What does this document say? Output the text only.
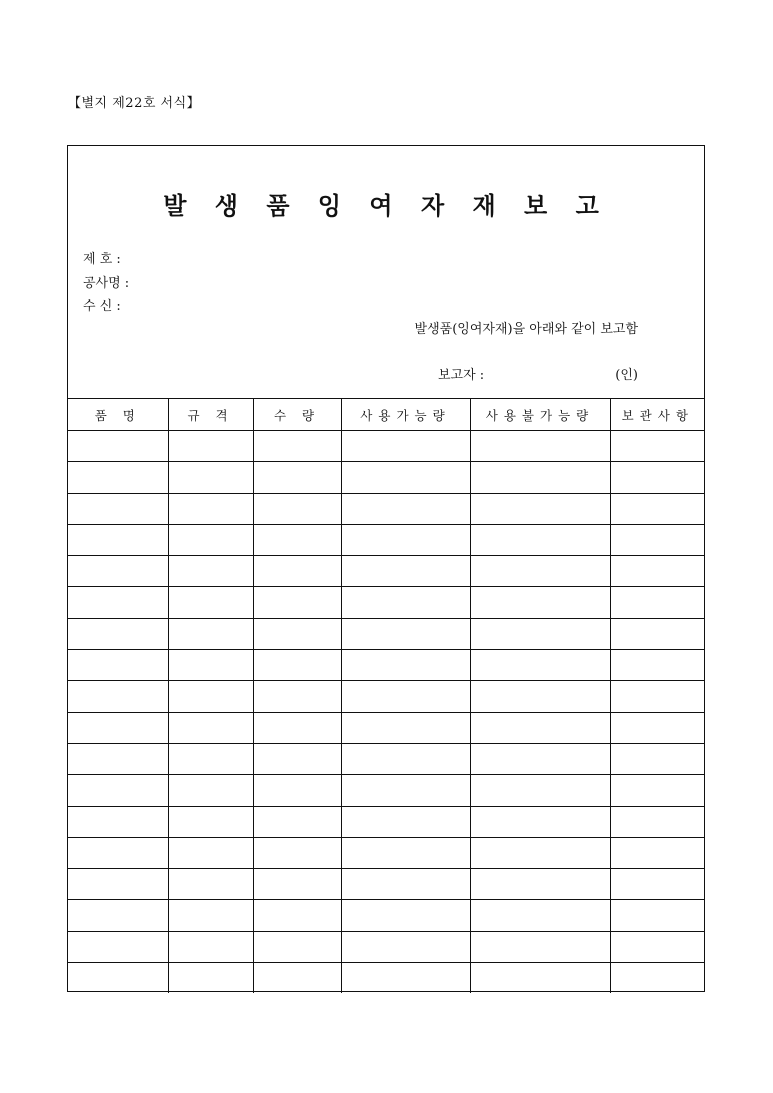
【별지 제22호 서식】
발 생 품 잉 여 자 재 보 고
제 호 :
공사명 :
수 신 :
발생품(잉여자재)을 아래와 같이 보고함
보고자 :	(인)
품 명	규 격	수 량	사용가능량	사용불가능량	보관사항
